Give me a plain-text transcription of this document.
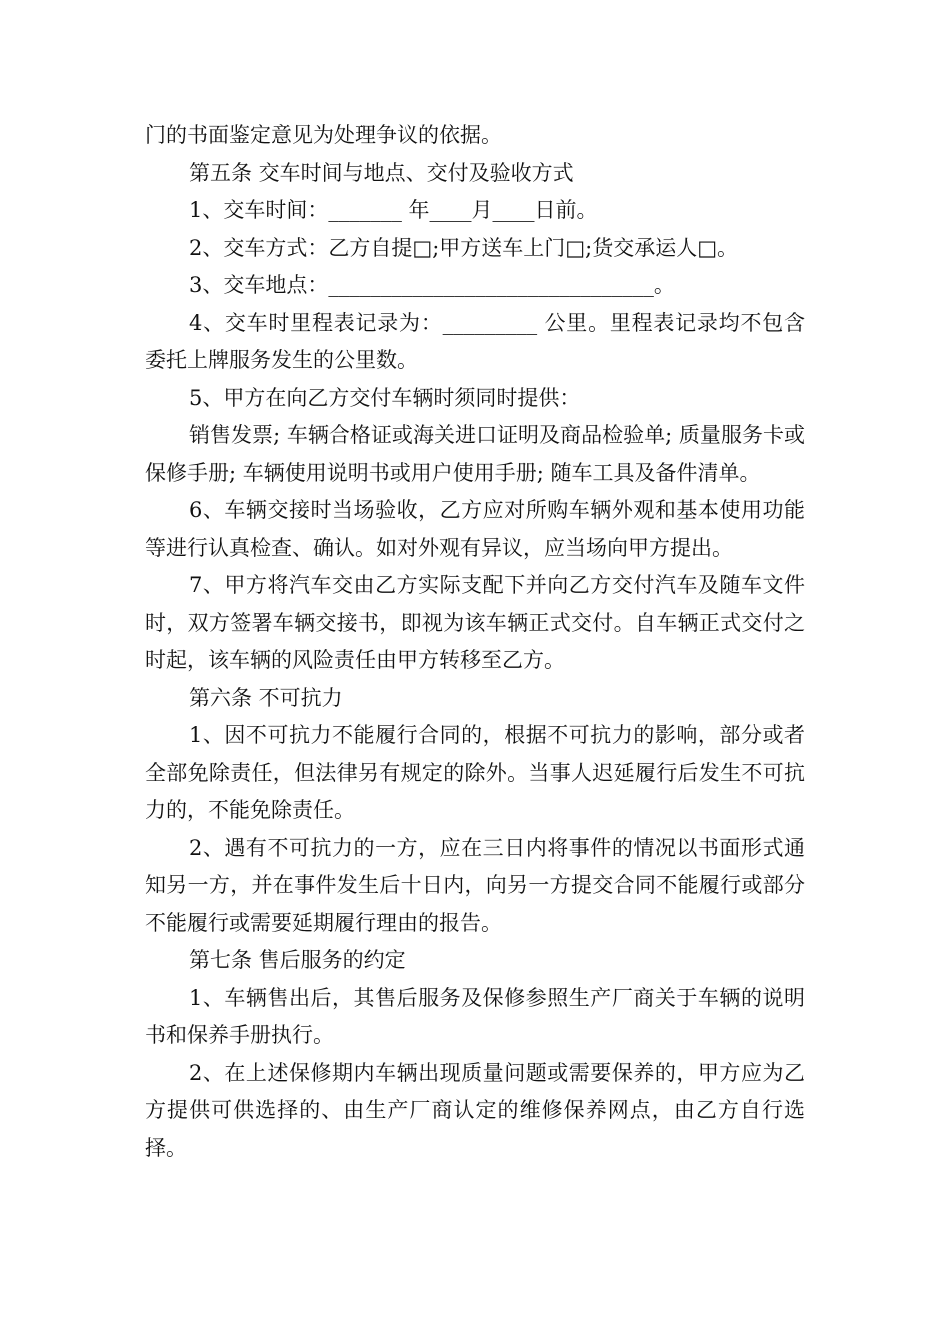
门的书面鉴定意见为处理争议的依据。

第五条 交车时间与地点、交付及验收方式

1、交车时间：_______ 年____月____日前。

2、交车方式：乙方自提□;甲方送车上门□;货交承运人□。

3、交车地点：_______________________________。

4、交车时里程表记录为：_________ 公里。里程表记录均不包含委托上牌服务发生的公里数。

5、甲方在向乙方交付车辆时须同时提供：

销售发票; 车辆合格证或海关进口证明及商品检验单; 质量服务卡或保修手册; 车辆使用说明书或用户使用手册; 随车工具及备件清单。

6、车辆交接时当场验收，乙方应对所购车辆外观和基本使用功能等进行认真检查、确认。如对外观有异议，应当场向甲方提出。

7、甲方将汽车交由乙方实际支配下并向乙方交付汽车及随车文件时，双方签署车辆交接书，即视为该车辆正式交付。自车辆正式交付之时起，该车辆的风险责任由甲方转移至乙方。

第六条 不可抗力

1、因不可抗力不能履行合同的，根据不可抗力的影响，部分或者全部免除责任，但法律另有规定的除外。当事人迟延履行后发生不可抗力的，不能免除责任。

2、遇有不可抗力的一方，应在三日内将事件的情况以书面形式通知另一方，并在事件发生后十日内，向另一方提交合同不能履行或部分不能履行或需要延期履行理由的报告。

第七条 售后服务的约定

1、车辆售出后，其售后服务及保修参照生产厂商关于车辆的说明书和保养手册执行。

2、在上述保修期内车辆出现质量问题或需要保养的，甲方应为乙方提供可供选择的、由生产厂商认定的维修保养网点，由乙方自行选择。
